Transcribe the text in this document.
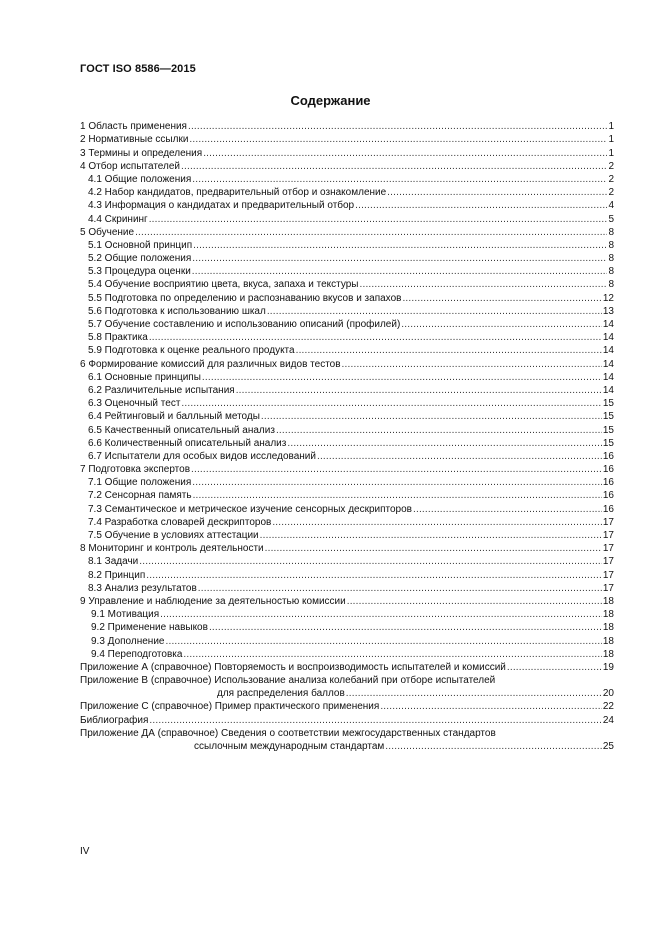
ГОСТ ISO 8586—2015
Содержание
1 Область применения .....	1
2 Нормативные ссылки .....	1
3 Термины и определения .....	1
4 Отбор испытателей .....	2
4.1 Общие положения .....	2
4.2 Набор кандидатов, предварительный отбор и ознакомление .....	2
4.3 Информация о кандидатах и предварительный отбор .....	4
4.4 Скрининг .....	5
5 Обучение .....	8
5.1 Основной принцип .....	8
5.2 Общие положения .....	8
5.3 Процедура оценки .....	8
5.4 Обучение восприятию цвета, вкуса, запаха и текстуры .....	8
5.5 Подготовка по определению и распознаванию вкусов и запахов .....	12
5.6 Подготовка к использованию шкал .....	13
5.7 Обучение составлению и использованию описаний (профилей) .....	14
5.8 Практика .....	14
5.9 Подготовка к оценке реального продукта .....	14
6 Формирование комиссий для различных видов тестов .....	14
6.1 Основные принципы .....	14
6.2 Различительные испытания .....	14
6.3 Оценочный тест .....	15
6.4 Рейтинговый и балльный методы .....	15
6.5 Качественный описательный анализ .....	15
6.6 Количественный описательный анализ .....	15
6.7 Испытатели для особых видов исследований .....	16
7 Подготовка экспертов .....	16
7.1 Общие положения .....	16
7.2 Сенсорная память .....	16
7.3 Семантическое и метрическое изучение сенсорных дескрипторов .....	16
7.4 Разработка словарей дескрипторов .....	17
7.5 Обучение в условиях аттестации .....	17
8 Мониторинг и контроль деятельности .....	17
8.1 Задачи .....	17
8.2 Принцип .....	17
8.3 Анализ результатов .....	17
9 Управление и наблюдение за деятельностью комиссии .....	18
9.1 Мотивация .....	18
9.2 Применение навыков .....	18
9.3 Дополнение .....	18
9.4 Переподготовка .....	18
Приложение А (справочное) Повторяемость и воспроизводимость испытателей и комиссий .....	19
Приложение В (справочное) Использование анализа колебаний при отборе испытателей
для распределения баллов .....	20
Приложение С (справочное) Пример практического применения .....	22
Библиография .....	24
Приложение ДА (справочное) Сведения о соответствии межгосударственных стандартов
ссылочным международным стандартам .....	25
IV
